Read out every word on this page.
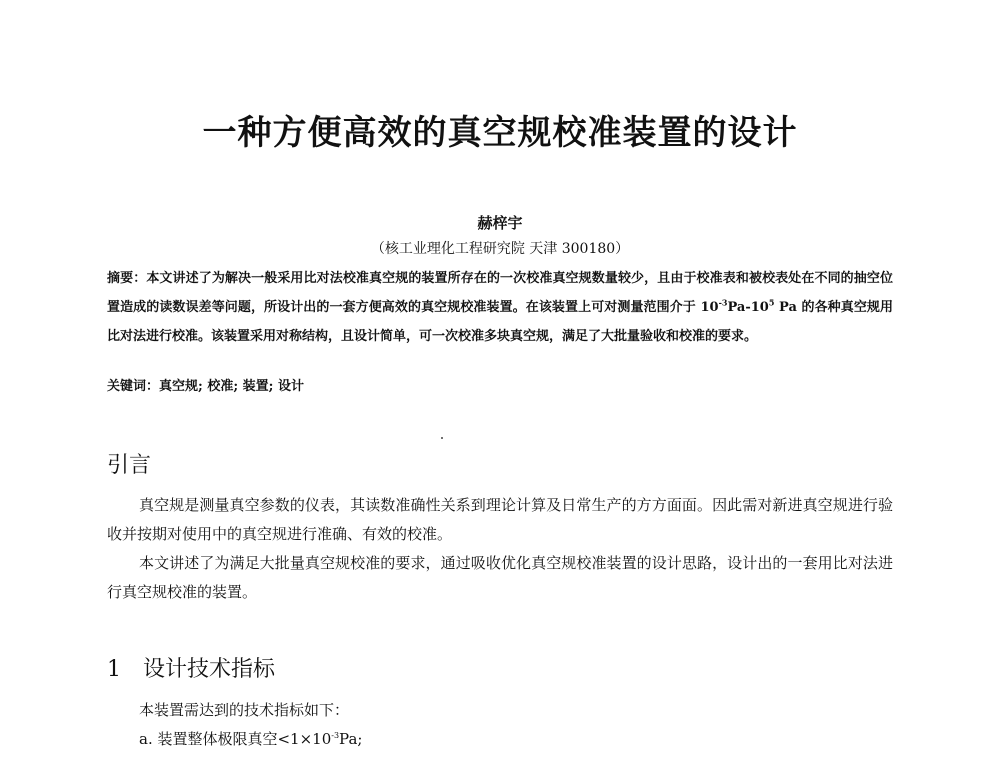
一种方便高效的真空规校准装置的设计
赫梓宇
（核工业理化工程研究院 天津 300180）
摘要：本文讲述了为解决一般采用比对法校准真空规的装置所存在的一次校准真空规数量较少，且由于校准表和被校表处在不同的抽空位置造成的读数误差等问题，所设计出的一套方便高效的真空规校准装置。在该装置上可对测量范围介于 $10^{-3}Pa-10^5$ Pa 的各种真空规用比对法进行校准。该装置采用对称结构，且设计简单，可一次校准多块真空规，满足了大批量验收和校准的要求。
关键词：真空规; 校准; 装置; 设计
引言
真空规是测量真空参数的仪表，其读数准确性关系到理论计算及日常生产的方方面面。因此需对新进真空规进行验收并按期对使用中的真空规进行准确、有效的校准。
本文讲述了为满足大批量真空规校准的要求，通过吸收优化真空规校准装置的设计思路，设计出的一套用比对法进行真空规校准的装置。
1 设计技术指标
本装置需达到的技术指标如下：
a. 装置整体极限真空$<1\times 10^{-3}Pa$;
